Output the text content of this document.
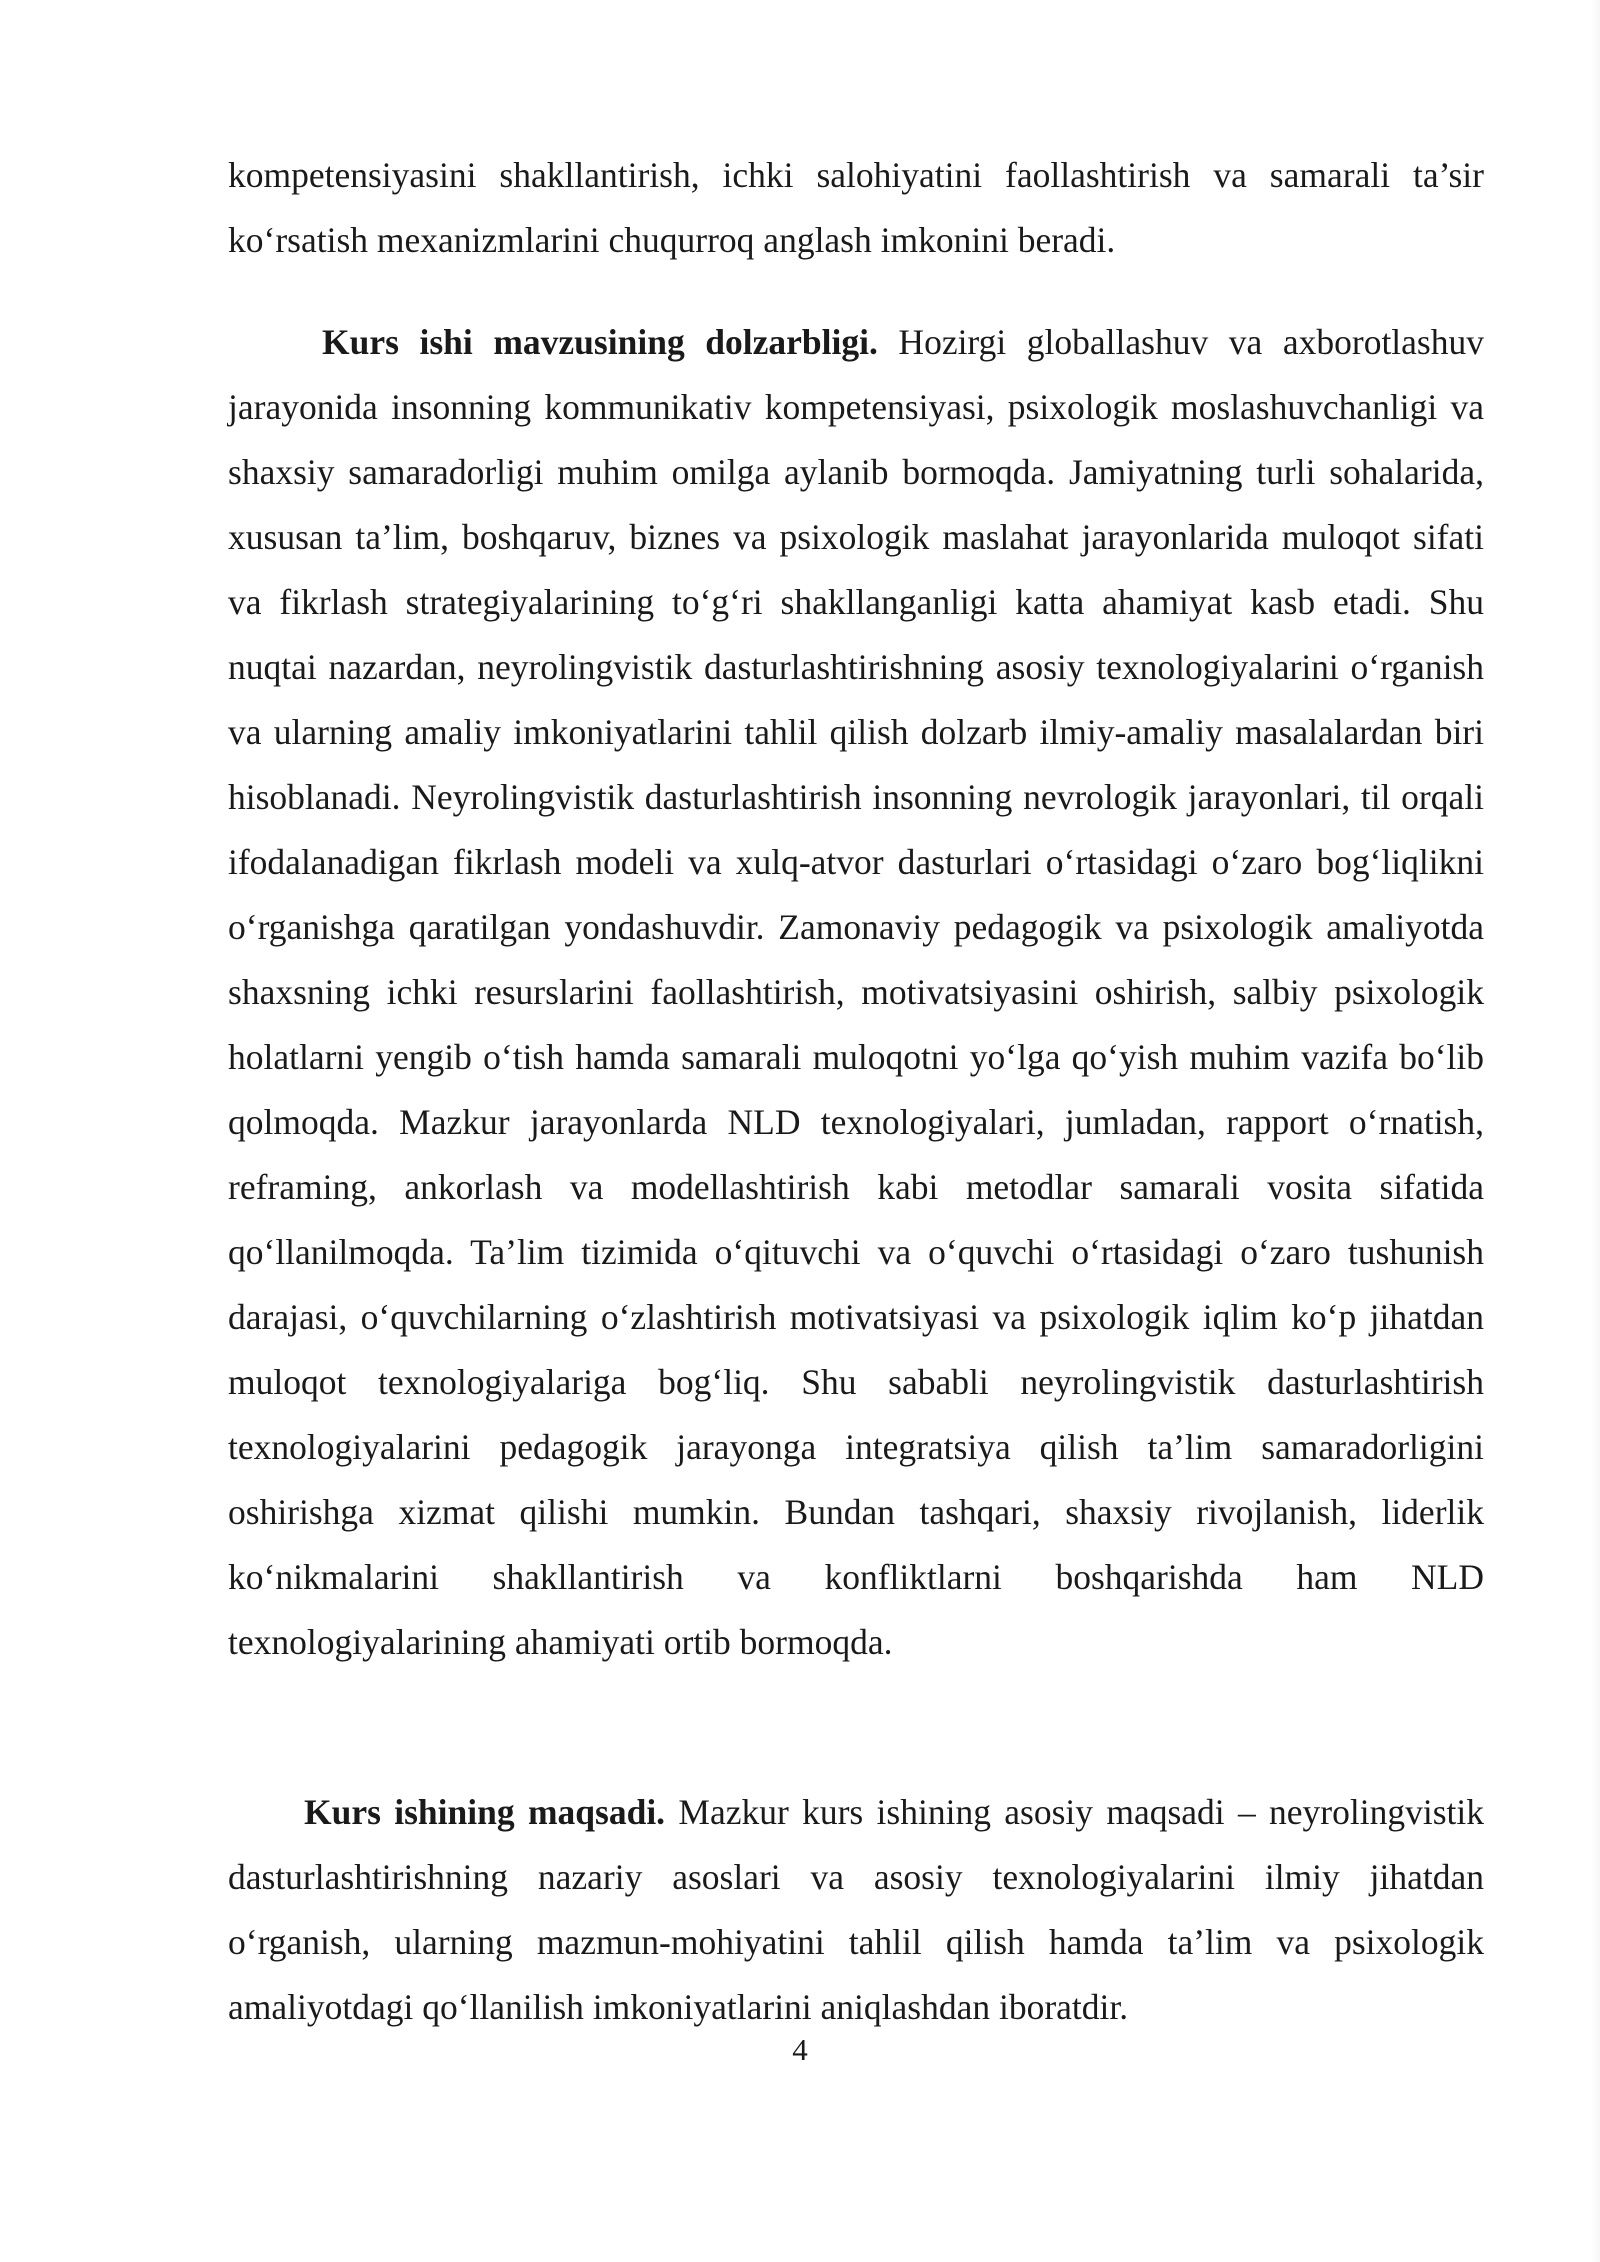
kompetensiyasini shakllantirish, ichki salohiyatini faollashtirish va samarali ta’sir ko‘rsatish mexanizmlarini chuqurroq anglash imkonini beradi.

Kurs ishi mavzusining dolzarbligi. Hozirgi globallashuv va axborotlashuv jarayonida insonning kommunikativ kompetensiyasi, psixologik moslashuvchanligi va shaxsiy samaradorligi muhim omilga aylanib bormoqda. Jamiyatning turli sohalarida, xususan ta’lim, boshqaruv, biznes va psixologik maslahat jarayonlarida muloqot sifati va fikrlash strategiyalarining to‘g‘ri shakllanganligi katta ahamiyat kasb etadi. Shu nuqtai nazardan, neyrolingvistik dasturlashtirishning asosiy texnologiyalarini o‘rganish va ularning amaliy imkoniyatlarini tahlil qilish dolzarb ilmiy-amaliy masalalardan biri hisoblanadi. Neyrolingvistik dasturlashtirish insonning nevrologik jarayonlari, til orqali ifodalanadigan fikrlash modeli va xulq-atvor dasturlari o‘rtasidagi o‘zaro bog‘liqlikni o‘rganishga qaratilgan yondashuvdir. Zamonaviy pedagogik va psixologik amaliyotda shaxsning ichki resurslarini faollashtirish, motivatsiyasini oshirish, salbiy psixologik holatlarni yengib o‘tish hamda samarali muloqotni yo‘lga qo‘yish muhim vazifa bo‘lib qolmoqda. Mazkur jarayonlarda NLD texnologiyalari, jumladan, rapport o‘rnatish, reframing, ankorlash va modellashtirish kabi metodlar samarali vosita sifatida qo‘llanilmoqda. Ta’lim tizimida o‘qituvchi va o‘quvchi o‘rtasidagi o‘zaro tushunish darajasi, o‘quvchilarning o‘zlashtirish motivatsiyasi va psixologik iqlim ko‘p jihatdan muloqot texnologiyalariga bog‘liq. Shu sababli neyrolingvistik dasturlashtirish texnologiyalarini pedagogik jarayonga integratsiya qilish ta’lim samaradorligini oshirishga xizmat qilishi mumkin. Bundan tashqari, shaxsiy rivojlanish, liderlik ko‘nikmalarini shakllantirish va konfliktlarni boshqarishda ham NLD texnologiyalarining ahamiyati ortib bormoqda.

Kurs ishining maqsadi. Mazkur kurs ishining asosiy maqsadi – neyrolingvistik dasturlashtirishning nazariy asoslari va asosiy texnologiyalarini ilmiy jihatdan o‘rganish, ularning mazmun-mohiyatini tahlil qilish hamda ta’lim va psixologik amaliyotdagi qo‘llanilish imkoniyatlarini aniqlashdan iboratdir.

4
